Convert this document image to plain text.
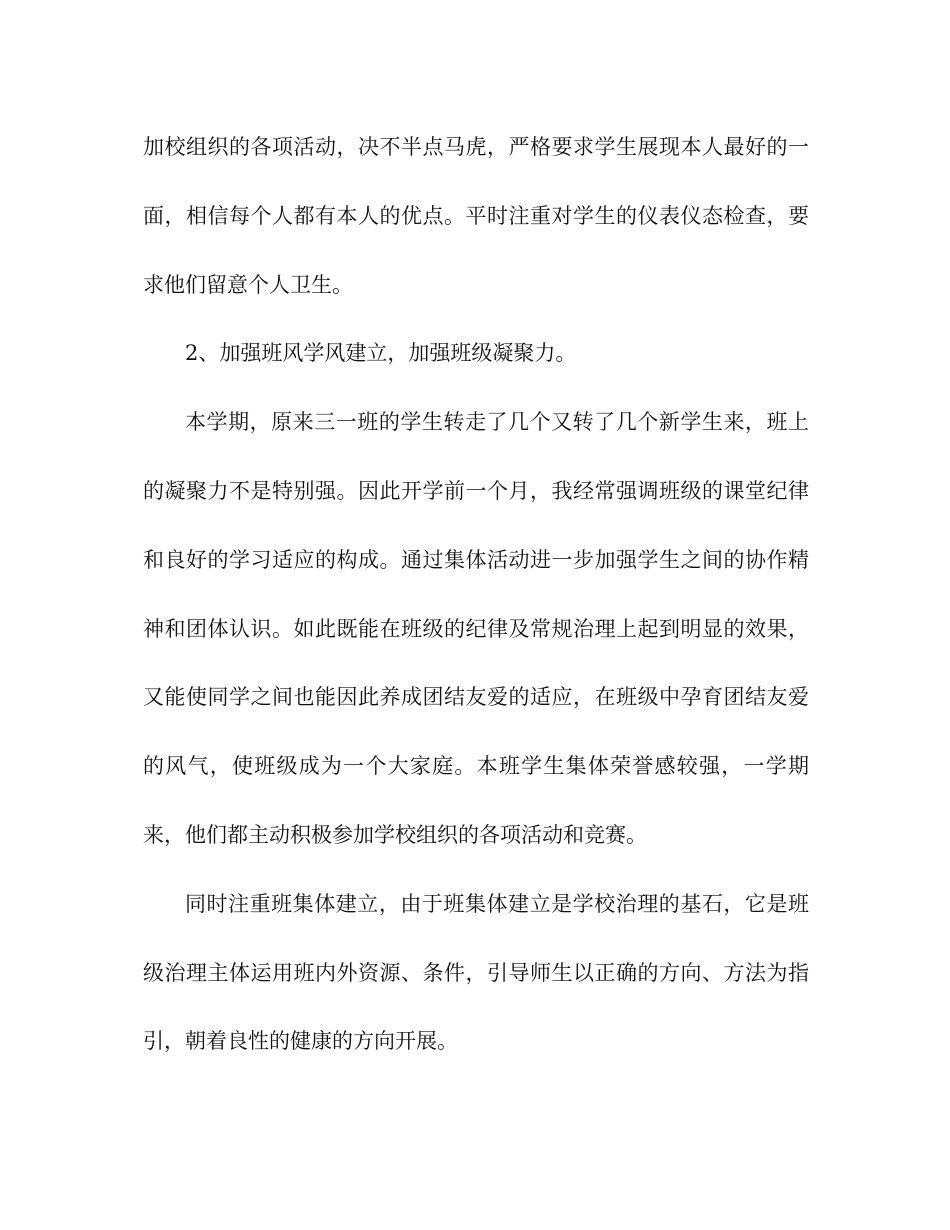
加校组织的各项活动，决不半点马虎，严格要求学生展现本人最好的一面，相信每个人都有本人的优点。平时注重对学生的仪表仪态检查，要求他们留意个人卫生。

2、加强班风学风建立，加强班级凝聚力。

本学期，原来三一班的学生转走了几个又转了几个新学生来，班上的凝聚力不是特别强。因此开学前一个月，我经常强调班级的课堂纪律和良好的学习适应的构成。通过集体活动进一步加强学生之间的协作精神和团体认识。如此既能在班级的纪律及常规治理上起到明显的效果，又能使同学之间也能因此养成团结友爱的适应，在班级中孕育团结友爱的风气，使班级成为一个大家庭。本班学生集体荣誉感较强，一学期来，他们都主动积极参加学校组织的各项活动和竞赛。

同时注重班集体建立，由于班集体建立是学校治理的基石，它是班级治理主体运用班内外资源、条件，引导师生以正确的方向、方法为指引，朝着良性的健康的方向开展。
